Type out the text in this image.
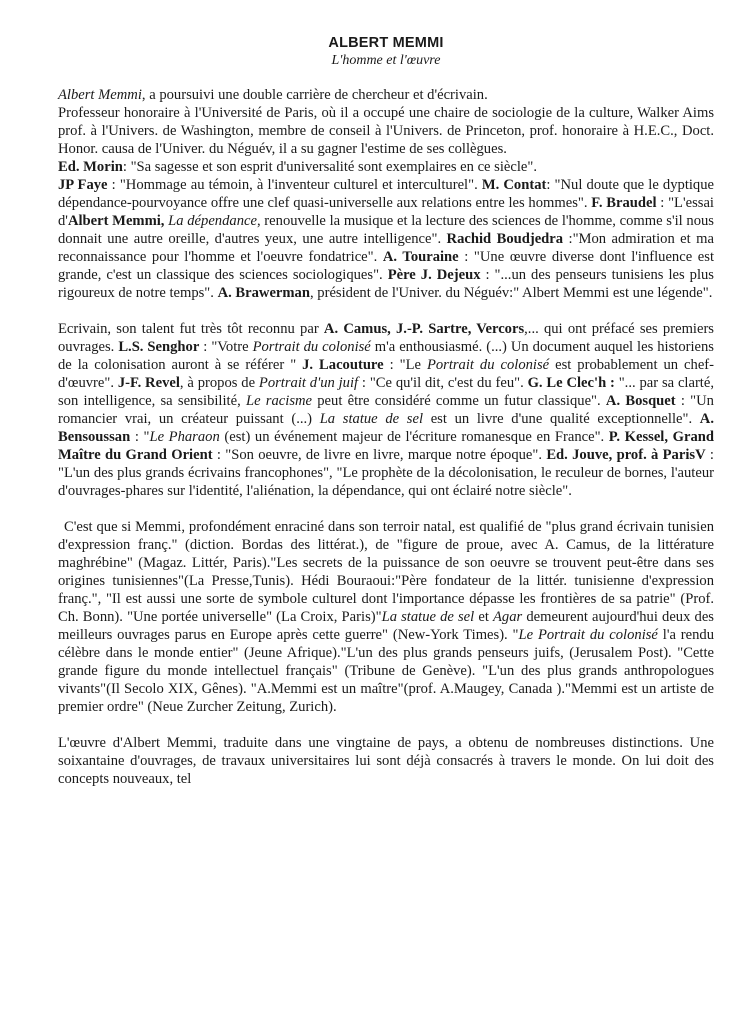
ALBERT MEMMI
L'homme et l'œuvre

Albert Memmi, a poursuivi une double carrière de chercheur et d'écrivain.
Professeur honoraire à l'Université de Paris, où il a occupé une chaire de sociologie de la culture, Walker Aims prof. à l'Univers. de Washington, membre de conseil à l'Univers. de Princeton, prof. honoraire à H.E.C., Doct. Honor. causa de l'Univer. du Néguév, il a su gagner l'estime de ses collègues.
Ed. Morin: "Sa sagesse et son esprit d'universalité sont exemplaires en ce siècle".
JP Faye : "Hommage au témoin, à l'inventeur culturel et interculturel". M. Contat: "Nul doute que le dyptique dépendance-pourvoyance offre une clef quasi-universelle aux relations entre les hommes". F. Braudel : "L'essai d'Albert Memmi, La dépendance, renouvelle la musique et la lecture des sciences de l'homme, comme s'il nous donnait une autre oreille, d'autres yeux, une autre intelligence". Rachid Boudjedra :"Mon admiration et ma reconnaissance pour l'homme et l'oeuvre fondatrice". A. Touraine : "Une œuvre diverse dont l'influence est grande, c'est un classique des sciences sociologiques". Père J. Dejeux : "...un des penseurs tunisiens les plus rigoureux de notre temps". A. Brawerman, président de l'Univer. du Néguév:" Albert Memmi est une légende".

Ecrivain, son talent fut très tôt reconnu par A. Camus, J.-P. Sartre, Vercors,... qui ont préfacé ses premiers ouvrages. L.S. Senghor : "Votre Portrait du colonisé m'a enthousiasmé. (...) Un document auquel les historiens de la colonisation auront à se référer " J. Lacouture : "Le Portrait du colonisé est probablement un chef-d'œuvre". J-F. Revel, à propos de Portrait d'un juif : "Ce qu'il dit, c'est du feu". G. Le Clec'h : "... par sa clarté, son intelligence, sa sensibilité, Le racisme peut être considéré comme un futur classique". A. Bosquet : "Un romancier vrai, un créateur puissant (...) La statue de sel est un livre d'une qualité exceptionnelle". A. Bensoussan : "Le Pharaon (est) un événement majeur de l'écriture romanesque en France". P. Kessel, Grand Maître du Grand Orient : "Son oeuvre, de livre en livre, marque notre époque". Ed. Jouve, prof. à ParisV : "L'un des plus grands écrivains francophones", "Le prophète de la décolonisation, le reculeur de bornes, l'auteur d'ouvrages-phares sur l'identité, l'aliénation, la dépendance, qui ont éclairé notre siècle".

C'est que si Memmi, profondément enraciné dans son terroir natal, est qualifié de "plus grand écrivain tunisien d'expression franç." (diction. Bordas des littérat.), de "figure de proue, avec A. Camus, de la littérature maghrébine" (Magaz. Littér, Paris)."Les secrets de la puissance de son oeuvre se trouvent peut-être dans ses origines tunisiennes"(La Presse,Tunis). Hédi Bouraoui:"Père fondateur de la littér. tunisienne d'expression franç.", "Il est aussi une sorte de symbole culturel dont l'importance dépasse les frontières de sa patrie" (Prof. Ch. Bonn). "Une portée universelle" (La Croix, Paris)"La statue de sel et Agar demeurent aujourd'hui deux des meilleurs ouvrages parus en Europe après cette guerre" (New-York Times). "Le Portrait du colonisé l'a rendu célèbre dans le monde entier" (Jeune Afrique)."L'un des plus grands penseurs juifs, (Jerusalem Post). "Cette grande figure du monde intellectuel français" (Tribune de Genève). "L'un des plus grands anthropologues vivants"(Il Secolo XIX, Gênes). "A.Memmi est un maître"(prof. A.Maugey, Canada )."Memmi est un artiste de premier ordre" (Neue Zurcher Zeitung, Zurich).

L'œuvre d'Albert Memmi, traduite dans une vingtaine de pays, a obtenu de nombreuses distinctions. Une soixantaine d'ouvrages, de travaux universitaires lui sont déjà consacrés à travers le monde. On lui doit des concepts nouveaux, tel
